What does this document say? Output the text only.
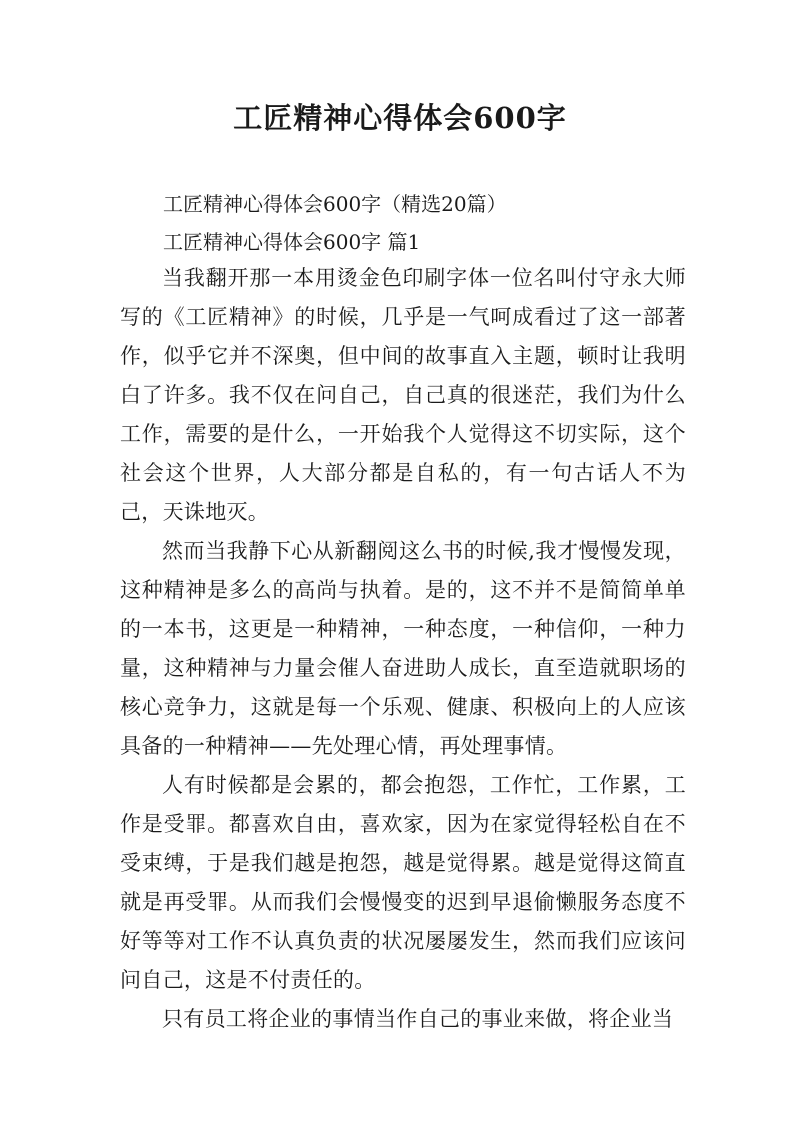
工匠精神心得体会600字
工匠精神心得体会600字（精选20篇）
工匠精神心得体会600字 篇1

当我翻开那一本用烫金色印刷字体一位名叫付守永大师写的《工匠精神》的时候，几乎是一气呵成看过了这一部著作，似乎它并不深奥，但中间的故事直入主题，顿时让我明白了许多。我不仅在问自己，自己真的很迷茫，我们为什么工作，需要的是什么，一开始我个人觉得这不切实际，这个社会这个世界，人大部分都是自私的，有一句古话人不为己，天诛地灭。

然而当我静下心从新翻阅这么书的时候,我才慢慢发现，这种精神是多么的高尚与执着。是的，这不并不是简简单单的一本书，这更是一种精神，一种态度，一种信仰，一种力量，这种精神与力量会催人奋进助人成长，直至造就职场的核心竞争力，这就是每一个乐观、健康、积极向上的人应该具备的一种精神——先处理心情，再处理事情。

人有时候都是会累的，都会抱怨，工作忙，工作累，工作是受罪。都喜欢自由，喜欢家，因为在家觉得轻松自在不受束缚，于是我们越是抱怨，越是觉得累。越是觉得这简直就是再受罪。从而我们会慢慢变的迟到早退偷懒服务态度不好等等对工作不认真负责的状况屡屡发生，然而我们应该问问自己，这是不付责任的。

只有员工将企业的事情当作自己的事业来做，将企业当
